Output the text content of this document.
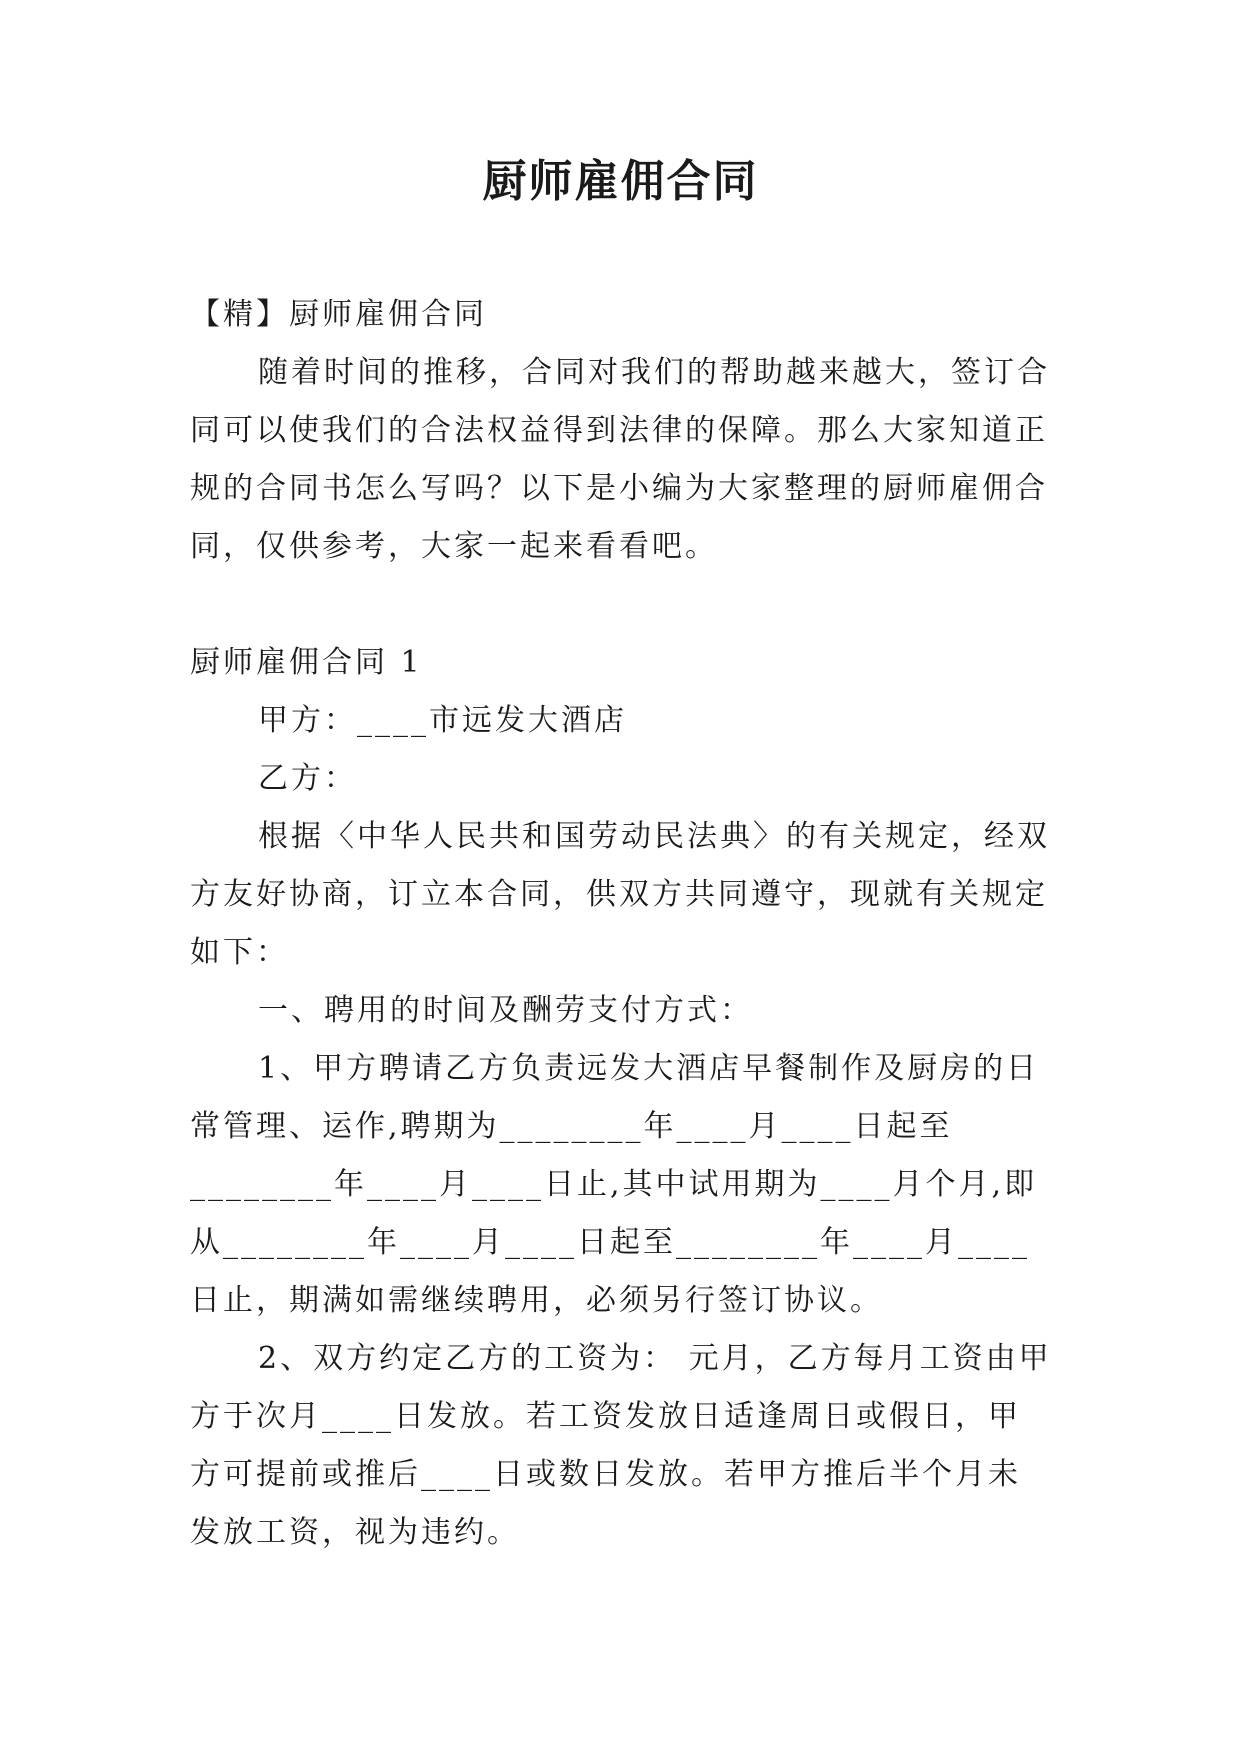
厨师雇佣合同

【精】厨师雇佣合同

随着时间的推移，合同对我们的帮助越来越大，签订合同可以使我们的合法权益得到法律的保障。那么大家知道正规的合同书怎么写吗？以下是小编为大家整理的厨师雇佣合同，仅供参考，大家一起来看看吧。

厨师雇佣合同 1

甲方：____市远发大酒店

乙方：

根据〈中华人民共和国劳动民法典〉的有关规定，经双方友好协商，订立本合同，供双方共同遵守，现就有关规定如下：

一、聘用的时间及酬劳支付方式：

1、甲方聘请乙方负责远发大酒店早餐制作及厨房的日常管理、运作,聘期为________年____月____日起至________年____月____日止,其中试用期为____月个月,即从________年____月____日起至________年____月____日止，期满如需继续聘用，必须另行签订协议。

2、双方约定乙方的工资为： 元月，乙方每月工资由甲方于次月____日发放。若工资发放日适逢周日或假日，甲方可提前或推后____日或数日发放。若甲方推后半个月未发放工资，视为违约。
